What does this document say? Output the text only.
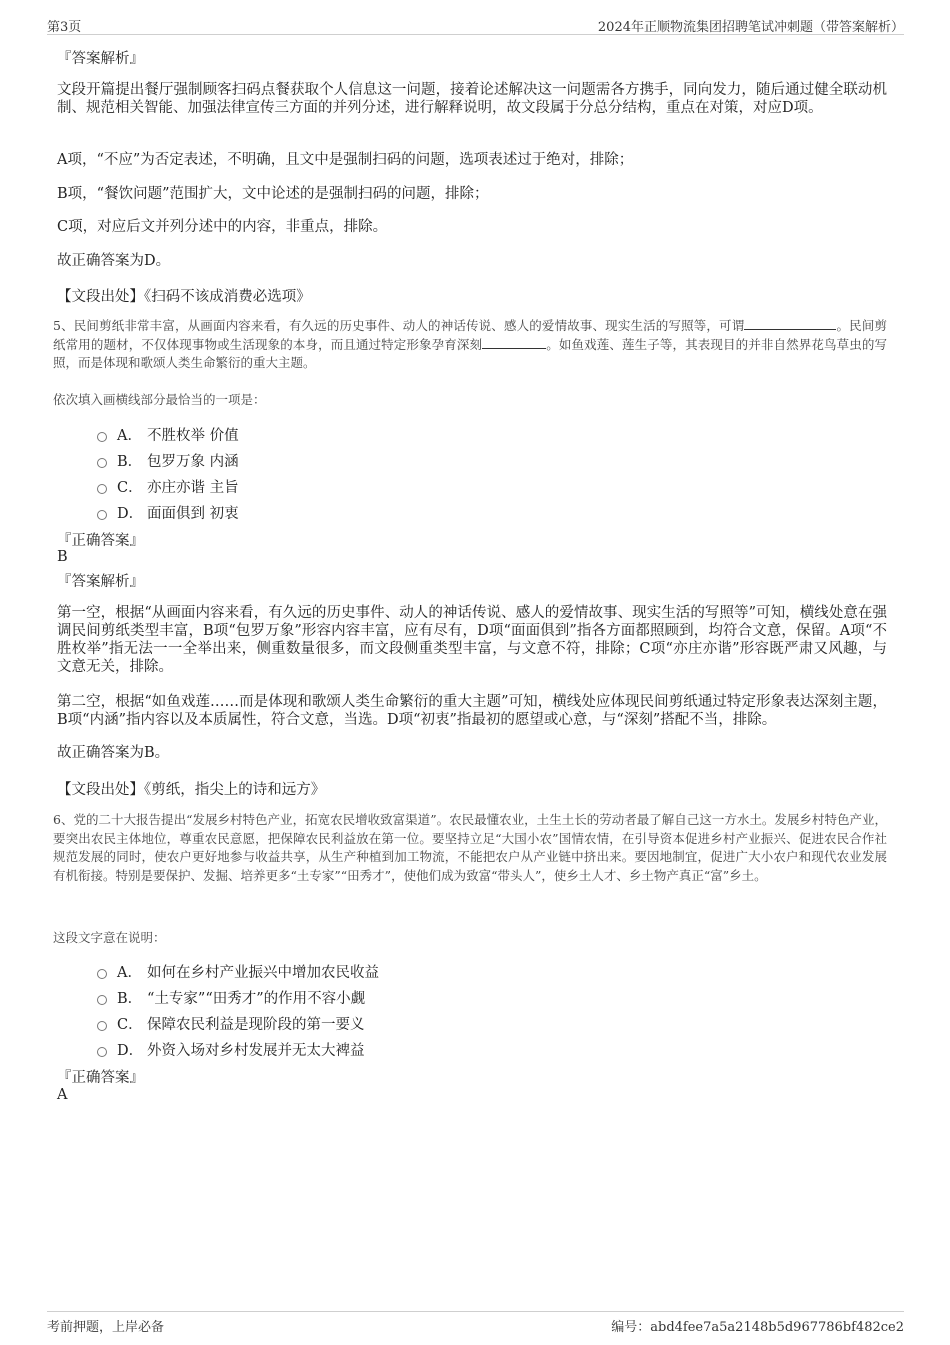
第3页	2024年正顺物流集团招聘笔试冲刺题（带答案解析）
『答案解析』
文段开篇提出餐厅强制顾客扫码点餐获取个人信息这一问题，接着论述解决这一问题需各方携手，同向发力，随后通过健全联动机制、规范相关智能、加强法律宣传三方面的并列分述，进行解释说明，故文段属于分总分结构，重点在对策，对应D项。
A项，“不应”为否定表述，不明确，且文中是强制扫码的问题，选项表述过于绝对，排除；
B项，“餐饮问题”范围扩大，文中论述的是强制扫码的问题，排除；
C项，对应后文并列分述中的内容，非重点，排除。
故正确答案为D。
【文段出处】《扫码不该成消费必选项》
5、民间剪纸非常丰富，从画面内容来看，有久远的历史事件、动人的神话传说、感人的爱情故事、现实生活的写照等，可谓	。民间剪纸常用的题材，不仅体现事物或生活现象的本身，而且通过特定形象孕育深刻	。如鱼戏莲、莲生子等，其表现目的并非自然界花鸟草虫的写照，而是体现和歌颂人类生命繁衍的重大主题。
依次填入画横线部分最恰当的一项是：
A． 不胜枚举 价值
B． 包罗万象 内涵
C． 亦庄亦谐 主旨
D． 面面俱到 初衷
『正确答案』
B
『答案解析』
第一空，根据“从画面内容来看，有久远的历史事件、动人的神话传说、感人的爱情故事、现实生活的写照等”可知，横线处意在强调民间剪纸类型丰富，B项“包罗万象”形容内容丰富，应有尽有，D项“面面俱到”指各方面都照顾到，均符合文意，保留。A项“不胜枚举”指无法一一全举出来，侧重数量很多，而文段侧重类型丰富，与文意不符，排除；C项“亦庄亦谐”形容既严肃又风趣，与文意无关，排除。
第二空，根据“如鱼戏莲……而是体现和歌颂人类生命繁衍的重大主题”可知，横线处应体现民间剪纸通过特定形象表达深刻主题，B项“内涵”指内容以及本质属性，符合文意，当选。D项“初衷”指最初的愿望或心意，与“深刻”搭配不当，排除。
故正确答案为B。
【文段出处】《剪纸，指尖上的诗和远方》
6、党的二十大报告提出“发展乡村特色产业，拓宽农民增收致富渠道”。农民最懂农业，土生土长的劳动者最了解自己这一方水土。发展乡村特色产业，要突出农民主体地位，尊重农民意愿，把保障农民利益放在第一位。要坚持立足“大国小农”国情农情，在引导资本促进乡村产业振兴、促进农民合作社规范发展的同时，使农户更好地参与收益共享，从生产种植到加工物流，不能把农户从产业链中挤出来。要因地制宜，促进广大小农户和现代农业发展有机衔接。特别是要保护、发掘、培养更多“土专家”“田秀才”，使他们成为致富“带头人”，使乡土人才、乡土物产真正“富”乡土。
这段文字意在说明：
A． 如何在乡村产业振兴中增加农民收益
B． “土专家”“田秀才”的作用不容小觑
C． 保障农民利益是现阶段的第一要义
D． 外资入场对乡村发展并无太大裨益
『正确答案』
A
考前押题，上岸必备	编号：abd4fee7a5a2148b5d967786bf482ce2
